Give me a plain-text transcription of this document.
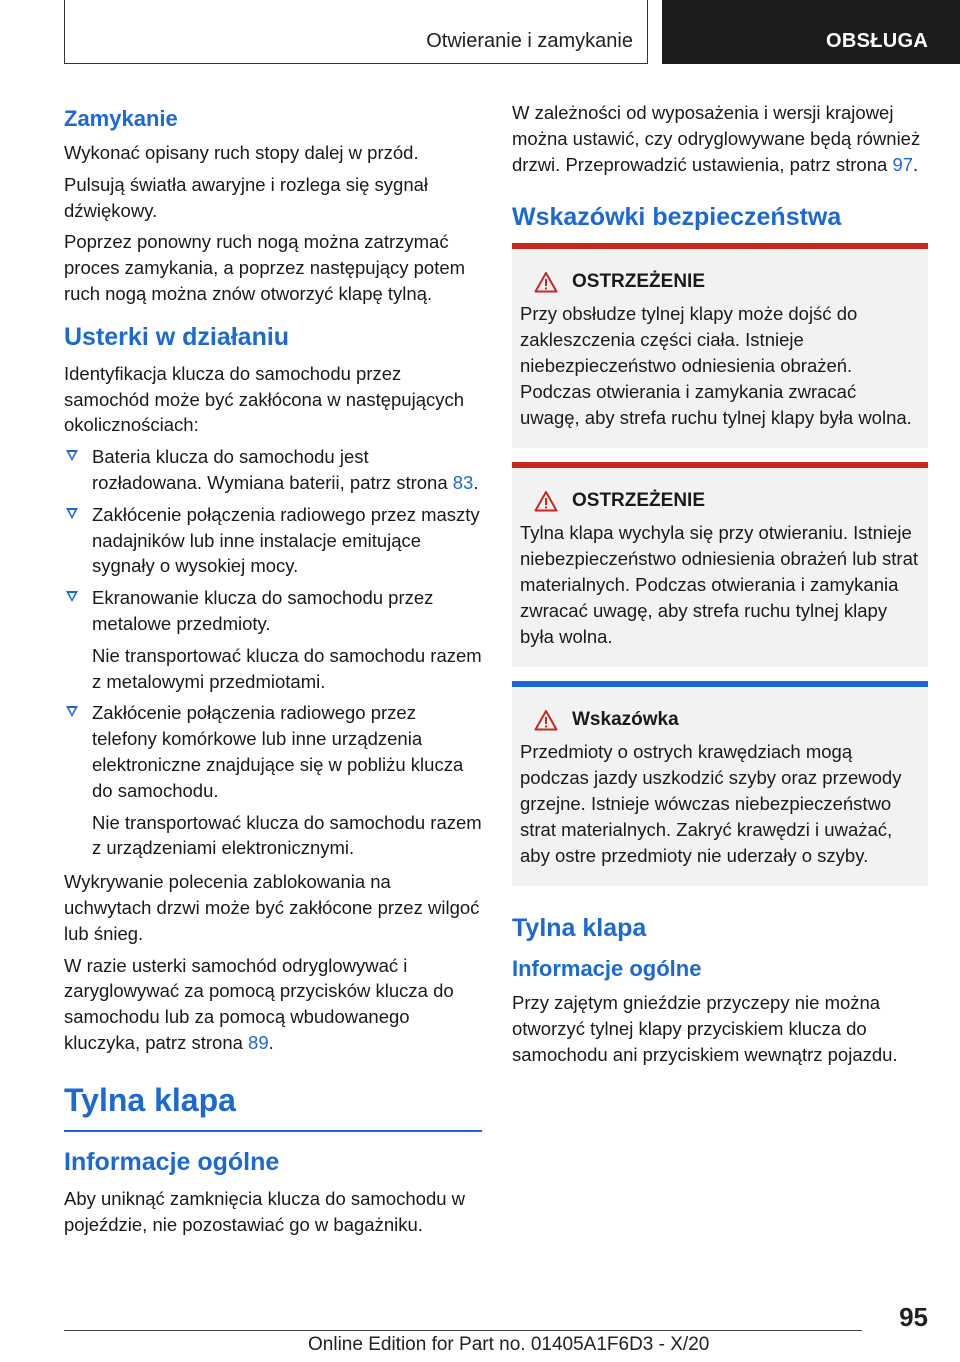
Otwieranie i zamykanie	OBSŁUGA
Zamykanie

Wykonać opisany ruch stopy dalej w przód.

Pulsują światła awaryjne i rozlega się sygnał dźwiękowy.

Poprzez ponowny ruch nogą można zatrzymać proces zamykania, a poprzez następujący potem ruch nogą można znów otworzyć klapę tylną.

Usterki w działaniu

Identyfikacja klucza do samochodu przez samochód może być zakłócona w następujących okolicznościach:

Bateria klucza do samochodu jest rozładowana. Wymiana baterii, patrz strona 83.

Zakłócenie połączenia radiowego przez maszty nadajników lub inne instalacje emitujące sygnały o wysokiej mocy.

Ekranowanie klucza do samochodu przez metalowe przedmioty.

Nie transportować klucza do samochodu razem z metalowymi przedmiotami.

Zakłócenie połączenia radiowego przez telefony komórkowe lub inne urządzenia elektroniczne znajdujące się w pobliżu klucza do samochodu.

Nie transportować klucza do samochodu razem z urządzeniami elektronicznymi.

Wykrywanie polecenia zablokowania na uchwytach drzwi może być zakłócone przez wilgoć lub śnieg.

W razie usterki samochód odryglowywać i zaryglowywać za pomocą przycisków klucza do samochodu lub za pomocą wbudowanego kluczyka, patrz strona 89.

Tylna klapa
Informacje ogólne

Aby uniknąć zamknięcia klucza do samochodu w pojeździe, nie pozostawiać go w bagażniku.

W zależności od wyposażenia i wersji krajowej można ustawić, czy odryglowywane będą również drzwi. Przeprowadzić ustawienia, patrz strona 97.

Wskazówki bezpieczeństwa
OSTRZEŻENIE

Przy obsłudze tylnej klapy może dojść do zakleszczenia części ciała. Istnieje niebezpieczeństwo odniesienia obrażeń. Podczas otwierania i zamykania zwracać uwagę, aby strefa ruchu tylnej klapy była wolna.

OSTRZEŻENIE

Tylna klapa wychyla się przy otwieraniu. Istnieje niebezpieczeństwo odniesienia obrażeń lub strat materialnych. Podczas otwierania i zamykania zwracać uwagę, aby strefa ruchu tylnej klapy była wolna.

Wskazówka

Przedmioty o ostrych krawędziach mogą podczas jazdy uszkodzić szyby oraz przewody grzejne. Istnieje wówczas niebezpieczeństwo strat materialnych. Zakryć krawędzi i uważać, aby ostre przedmioty nie uderzały o szyby.

Tylna klapa
Informacje ogólne

Przy zajętym gnieździe przyczepy nie można otworzyć tylnej klapy przyciskiem klucza do samochodu ani przyciskiem wewnątrz pojazdu.

95
Online Edition for Part no. 01405A1F6D3 - X/20
